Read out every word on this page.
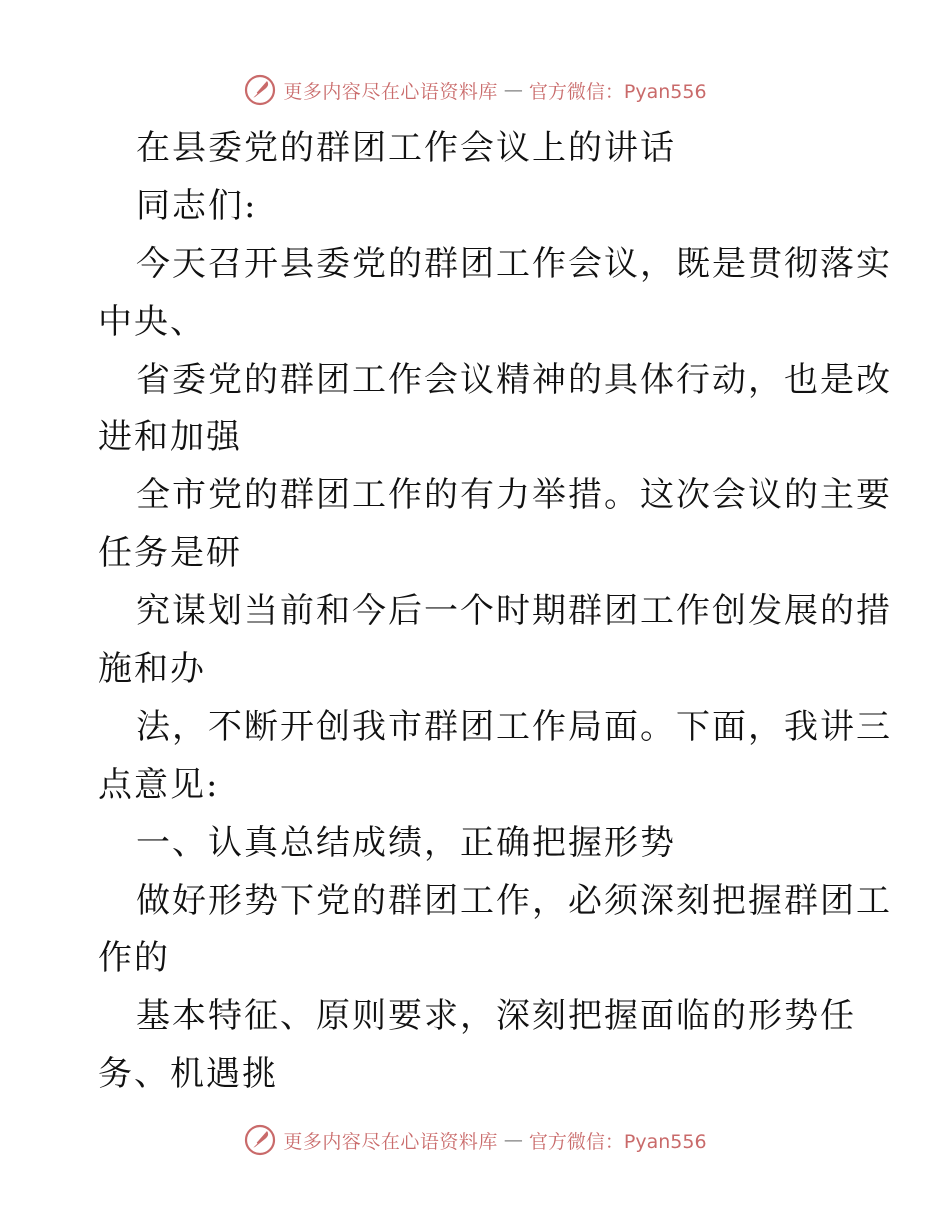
更多内容尽在心语资料库 — 官方微信：Pyan556
在县委党的群团工作会议上的讲话
同志们:
今天召开县委党的群团工作会议，既是贯彻落实
中央、
省委党的群团工作会议精神的具体行动，也是改
进和加强
全市党的群团工作的有力举措。这次会议的主要
任务是研
究谋划当前和今后一个时期群团工作创发展的措
施和办
法，不断开创我市群团工作局面。下面，我讲三
点意见:
一、认真总结成绩，正确把握形势
做好形势下党的群团工作，必须深刻把握群团工
作的
基本特征、原则要求，深刻把握面临的形势任
务、机遇挑
更多内容尽在心语资料库 — 官方微信：Pyan556
